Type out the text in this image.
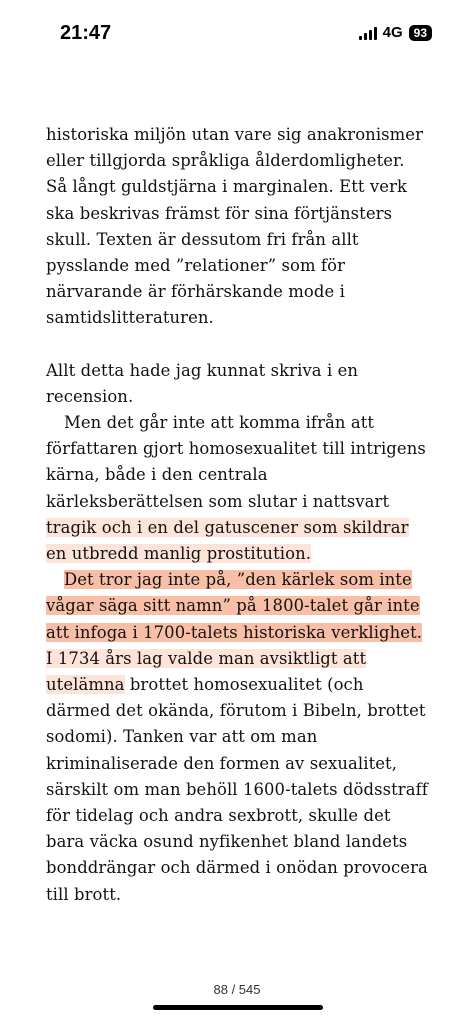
21:47	4G 93

historiska miljön utan vare sig anakronismer eller tillgjorda språkliga ålderdomligheter. Så långt guldstjärna i marginalen. Ett verk ska beskrivas främst för sina förtjänsters skull. Texten är dessutom fri från allt pysslande med ”relationer” som för närvarande är förhärskande mode i samtidslitteraturen.

Allt detta hade jag kunnat skriva i en recension.

Men det går inte att komma ifrån att författaren gjort homosexualitet till intrigens kärna, både i den centrala kärleksberättelsen som slutar i nattsvart tragik och i en del gatuscener som skildrar en utbredd manlig prostitution.

Det tror jag inte på, ”den kärlek som inte vågar säga sitt namn” på 1800-talet går inte att infoga i 1700-talets historiska verklighet. I 1734 års lag valde man avsiktligt att utelämna brottet homosexualitet (och därmed det okända, förutom i Bibeln, brottet sodomi). Tanken var att om man kriminaliserade den formen av sexualitet, särskilt om man behöll 1600-talets dödsstraff för tidelag och andra sexbrott, skulle det bara väcka osund nyfikenhet bland landets bonddrängar och därmed i onödan provocera till brott.

88 / 545
